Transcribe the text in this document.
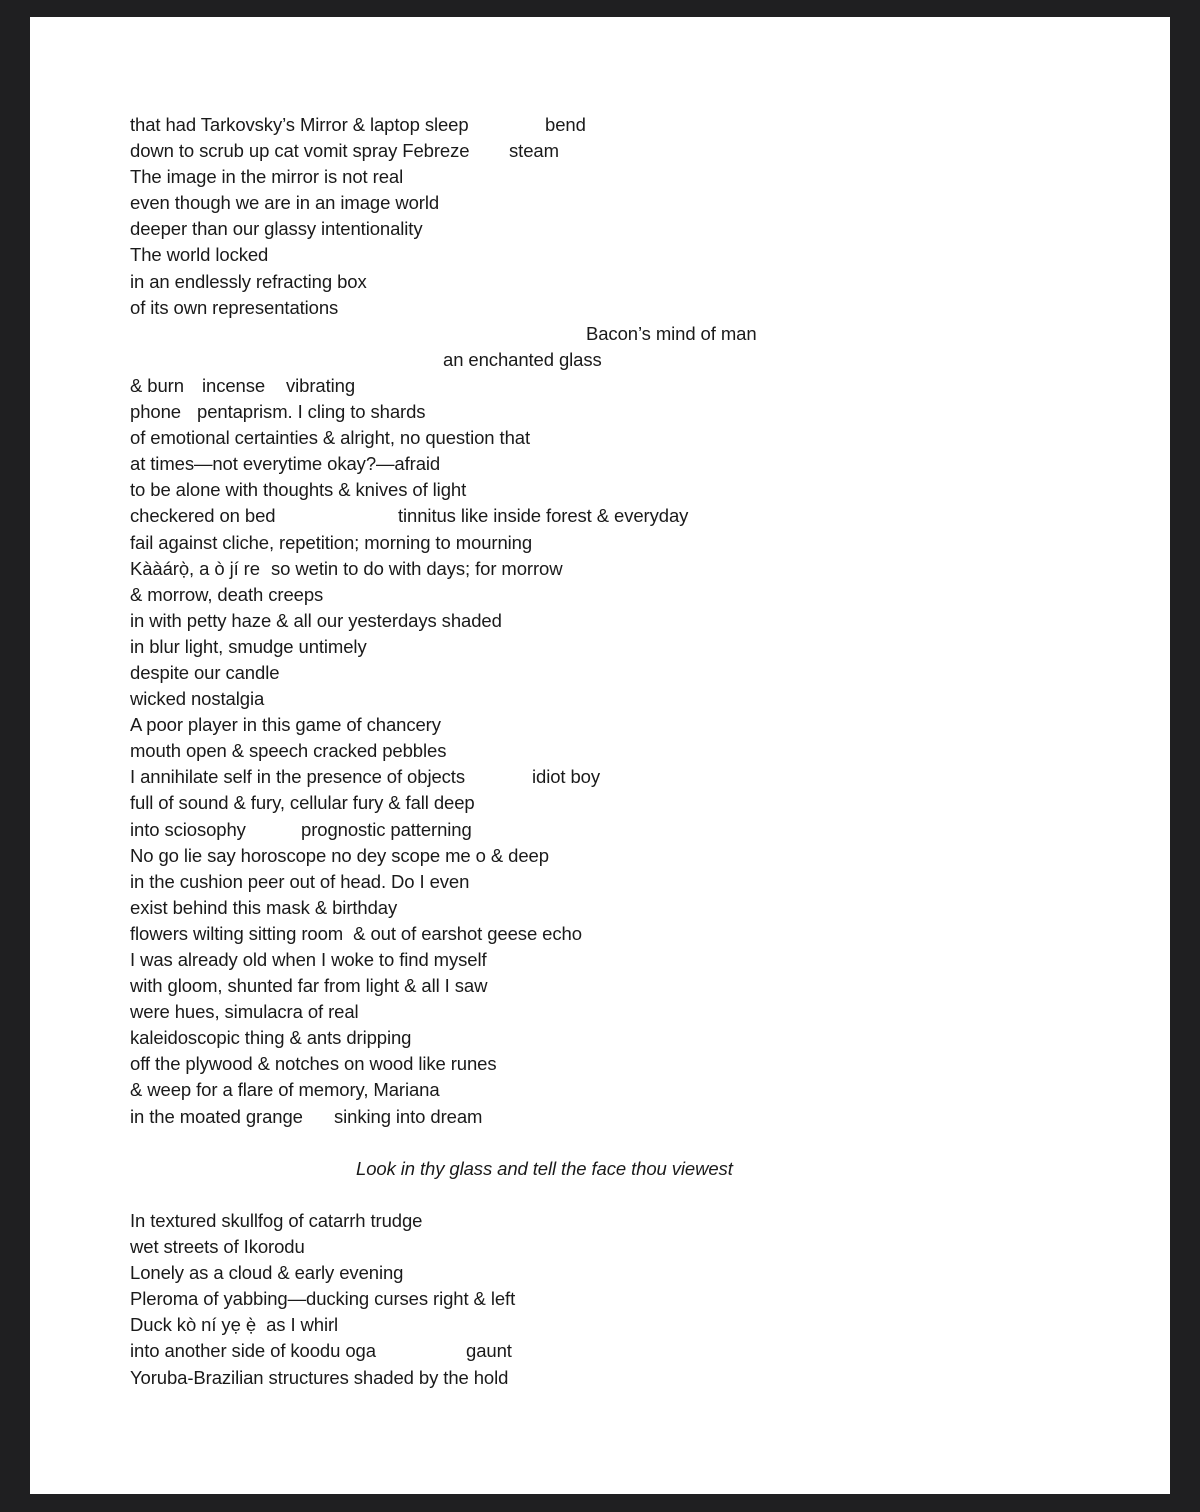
that had Tarkovsky’s Mirror & laptop sleep

	bend

down to scrub up cat vomit spray Febreze

steam

The image in the mirror is not real
even though we are in an image world
deeper than our glassy intentionality
The world locked
in an endlessly refracting box
of its own representations
Bacon’s mind of man
an enchanted glass

& burn

incense

vibrating

phone

pentaprism. I cling to shards

of emotional certainties & alright, no question that
at times—not everytime okay?—afraid
to be alone with thoughts & knives of light

checkered on bed

	tinnitus like inside forest & everyday

fail against cliche, repetition; morning to mourning

Kààárọ̀, a ò jí re

so wetin to do with days; for morrow

& morrow, death creeps
in with petty haze & all our yesterdays shaded
in blur light, smudge untimely
despite our candle
wicked nostalgia
A poor player in this game of chancery
mouth open & speech cracked pebbles

I annihilate self in the presence of objects

	idiot boy

full of sound & fury, cellular fury & fall deep

into sciosophy

	prognostic patterning

No go lie say horoscope no dey scope me o & deep
in the cushion peer out of head. Do I even
exist behind this mask & birthday
flowers wilting sitting room  & out of earshot geese echo
I was already old when I woke to find myself
with gloom, shunted far from light & all I saw
were hues, simulacra of real
kaleidoscopic thing & ants dripping
off the plywood & notches on wood like runes
& weep for a flare of memory, Mariana

in the moated grange

sinking into dream

Look in thy glass and tell the face thou viewest
In textured skullfog of catarrh trudge
wet streets of Ikorodu
Lonely as a cloud & early evening
Pleroma of yabbing—ducking curses right & left
Duck kò ní yẹ ẹ̀  as I whirl

into another side of koodu oga

	gaunt

Yoruba-Brazilian structures shaded by the hold
